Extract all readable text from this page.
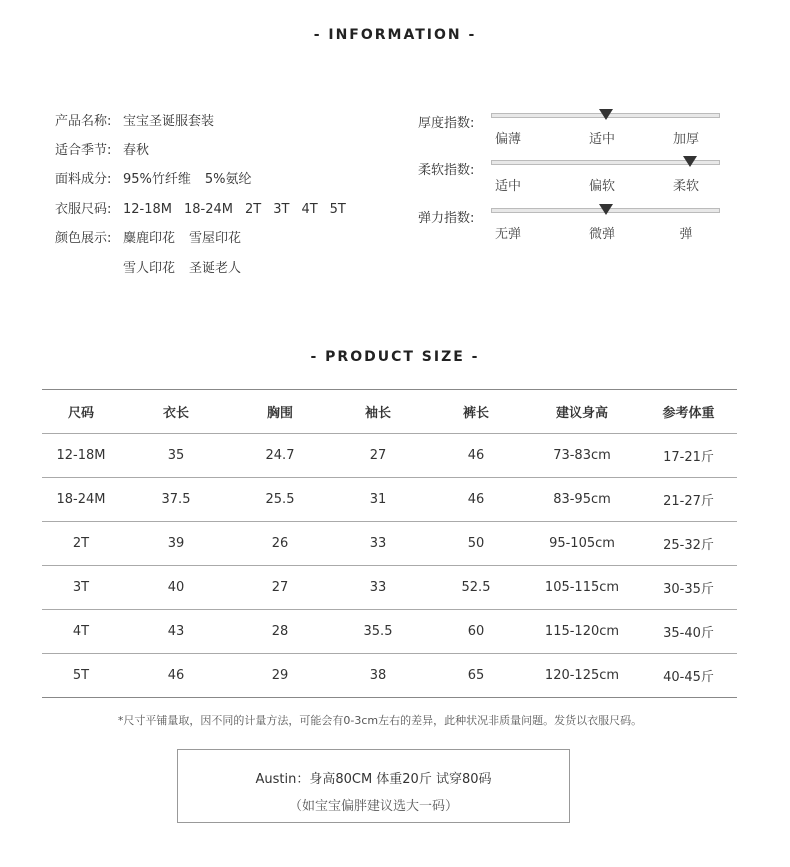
- INFORMATION -
产品名称: 宝宝圣诞服套装
适合季节: 春秋
面料成分: 95%竹纤维 5%氨纶
衣服尺码: 12-18M 18-24M 2T 3T 4T 5T
颜色展示: 麋鹿印花 雪屋印花
雪人印花 圣诞老人
厚度指数:
偏薄	适中	加厚
柔软指数:
适中	偏软	柔软
弹力指数:
无弹	微弹	弹
- PRODUCT SIZE -
尺码	衣长	胸围	袖长	裤长	建议身高	参考体重
12-18M	35	24.7	27	46	73-83cm	17-21斤
18-24M	37.5	25.5	31	46	83-95cm	21-27斤
2T	39	26	33	50	95-105cm	25-32斤
3T	40	27	33	52.5	105-115cm	30-35斤
4T	43	28	35.5	60	115-120cm	35-40斤
5T	46	29	38	65	120-125cm	40-45斤
*尺寸平铺量取，因不同的计量方法，可能会有0-3cm左右的差异，此种状况非质量问题。发货以衣服尺码。
Austin：身高80CM 体重20斤 试穿80码
（如宝宝偏胖建议选大一码）
